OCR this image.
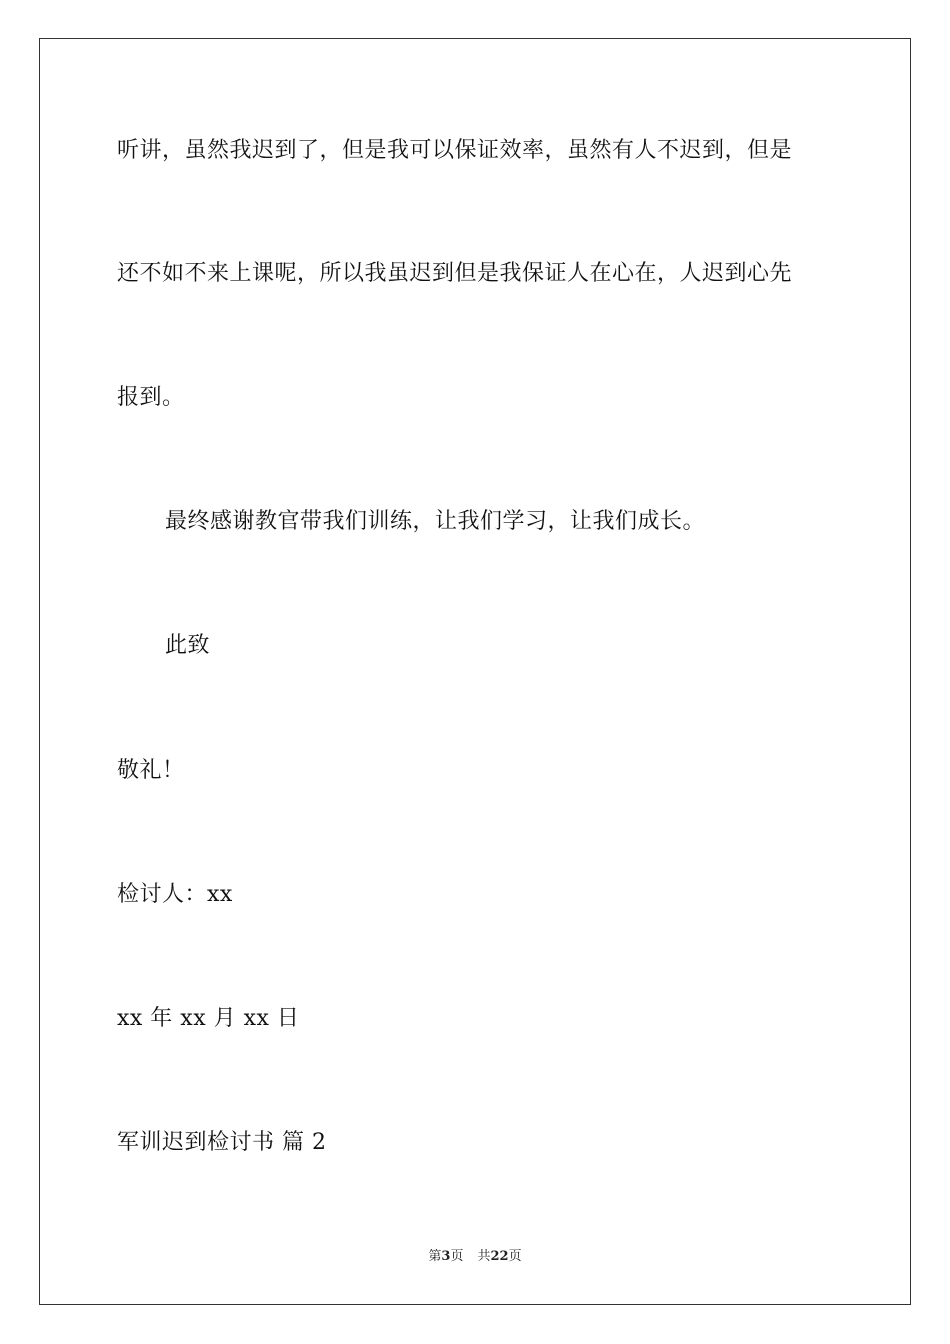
听讲，虽然我迟到了，但是我可以保证效率，虽然有人不迟到，但是
还不如不来上课呢，所以我虽迟到但是我保证人在心在，人迟到心先
报到。
最终感谢教官带我们训练，让我们学习，让我们成长。
此致
敬礼！
检讨人：xx
xx 年 xx 月 xx 日
军训迟到检讨书 篇 2
第3页 共22页
